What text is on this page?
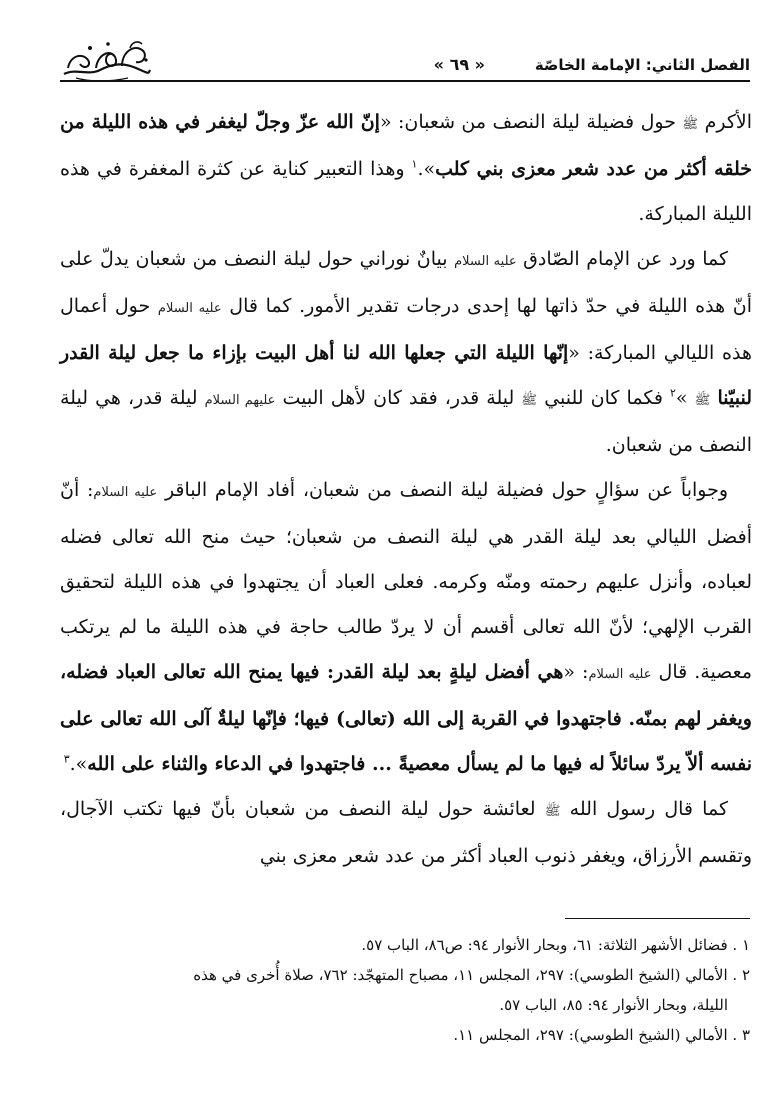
الفصل الثاني: الإمامة الخاصّة
« ٦٩ »

الأكرم ﷺ حول فضيلة ليلة النصف من شعبان: «إنّ الله عزّ وجلّ ليغفر في هذه الليلة من خلقه أكثر من عدد شعر معزى بني كلب».$^١$ وهذا التعبير كناية عن كثرة المغفرة في هذه الليلة المباركة.

كما ورد عن الإمام الصّادق عليه السلام بيانٌ نوراني حول ليلة النصف من شعبان يدلّ على أنّ هذه الليلة في حدّ ذاتها لها إحدى درجات تقدير الأمور. كما قال عليه السلام حول أعمال هذه الليالي المباركة: «إنّها الليلة التي جعلها الله لنا أهل البيت بإزاء ما جعل ليلة القدر لنبيّنا ﷺ »$^٢$ فكما كان للنبي ﷺ ليلة قدر، فقد كان لأهل البيت عليهم السلام ليلة قدر، هي ليلة النصف من شعبان.

وجواباً عن سؤالٍ حول فضيلة ليلة النصف من شعبان، أفاد الإمام الباقر عليه السلام: أنّ أفضل الليالي بعد ليلة القدر هي ليلة النصف من شعبان؛ حيث منح الله تعالى فضله لعباده، وأنزل عليهم رحمته ومنّه وكرمه. فعلى العباد أن يجتهدوا في هذه الليلة لتحقيق القرب الإلهي؛ لأنّ الله تعالى أقسم أن لا يردّ طالب حاجة في هذه الليلة ما لم يرتكب معصية. قال عليه السلام: «هي أفضل ليلةٍ بعد ليلة القدر: فيها يمنح الله تعالى العباد فضله، ويغفر لهم بمنّه. فاجتهدوا في القربة إلى الله (تعالى) فيها؛ فإنّها ليلةٌ آلى الله تعالى على نفسه ألاّ يردّ سائلاً له فيها ما لم يسأل معصيةً ... فاجتهدوا في الدعاء والثناء على الله».$^٣$

كما قال رسول الله ﷺ لعائشة حول ليلة النصف من شعبان بأنّ فيها تكتب الآجال، وتقسم الأرزاق، ويغفر ذنوب العباد أكثر من عدد شعر معزى بني

١ . فضائل الأشهر الثلاثة: ٦١، وبحار الأنوار ٩٤: ص٨٦، الباب ٥٧.

٢ . الأمالي (الشيخ الطوسي): ٢٩٧، المجلس ١١، مصباح المتهجّد: ٧٦٢، صلاة أُخرى في هذه

الليلة، وبحار الأنوار ٩٤: ٨٥، الباب ٥٧.

٣ . الأمالي (الشيخ الطوسي): ٢٩٧، المجلس ١١.
